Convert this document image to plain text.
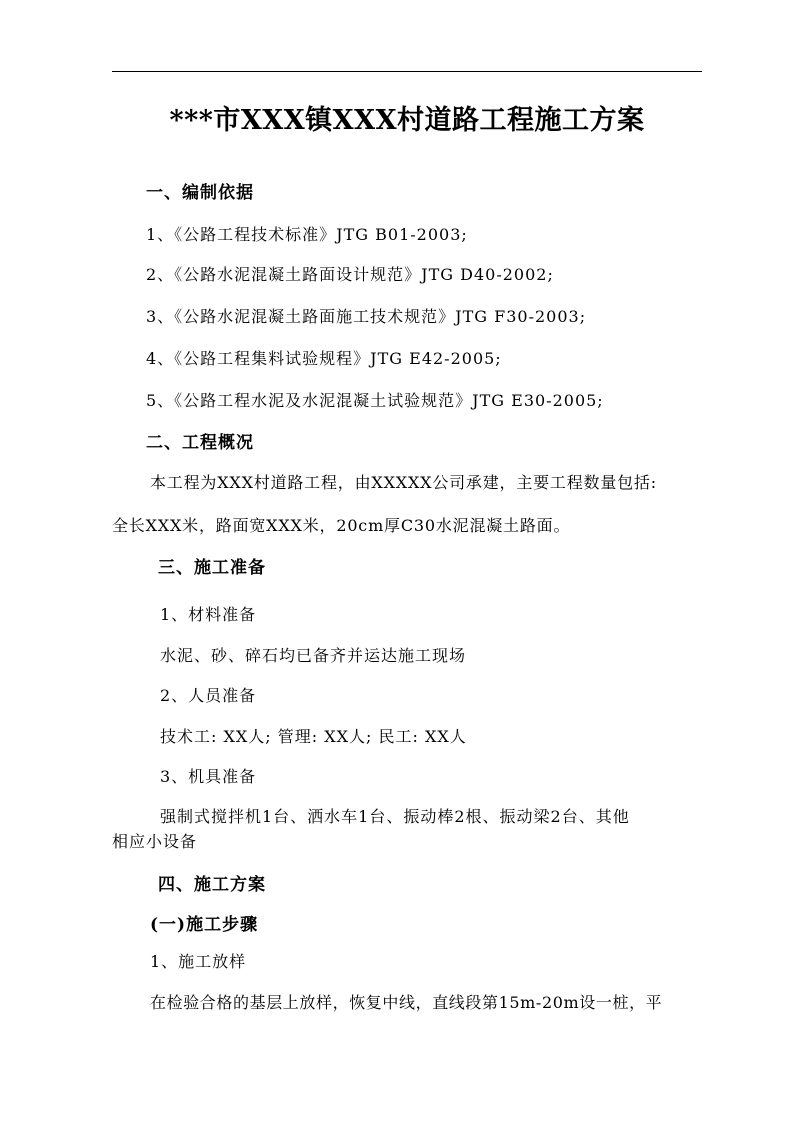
***市XXX镇XXX村道路工程施工方案
一、编制依据
1、《公路工程技术标准》JTG B01-2003;
2、《公路水泥混凝土路面设计规范》JTG D40-2002;
3、《公路水泥混凝土路面施工技术规范》JTG F30-2003;
4、《公路工程集料试验规程》JTG E42-2005;
5、《公路工程水泥及水泥混凝土试验规范》JTG E30-2005;
二、工程概况
本工程为XXX村道路工程，由XXXXX公司承建，主要工程数量包括:
全长XXX米，路面宽XXX米，20cm厚C30水泥混凝土路面。
三、施工准备
1、材料准备
水泥、砂、碎石均已备齐并运达施工现场
2、人员准备
技术工: XX人; 管理: XX人; 民工: XX人
3、机具准备
强制式搅拌机1台、洒水车1台、振动棒2根、振动梁2台、其他
相应小设备
四、施工方案
(一)施工步骤
1、施工放样
在检验合格的基层上放样，恢复中线，直线段第15m-20m设一桩，平
